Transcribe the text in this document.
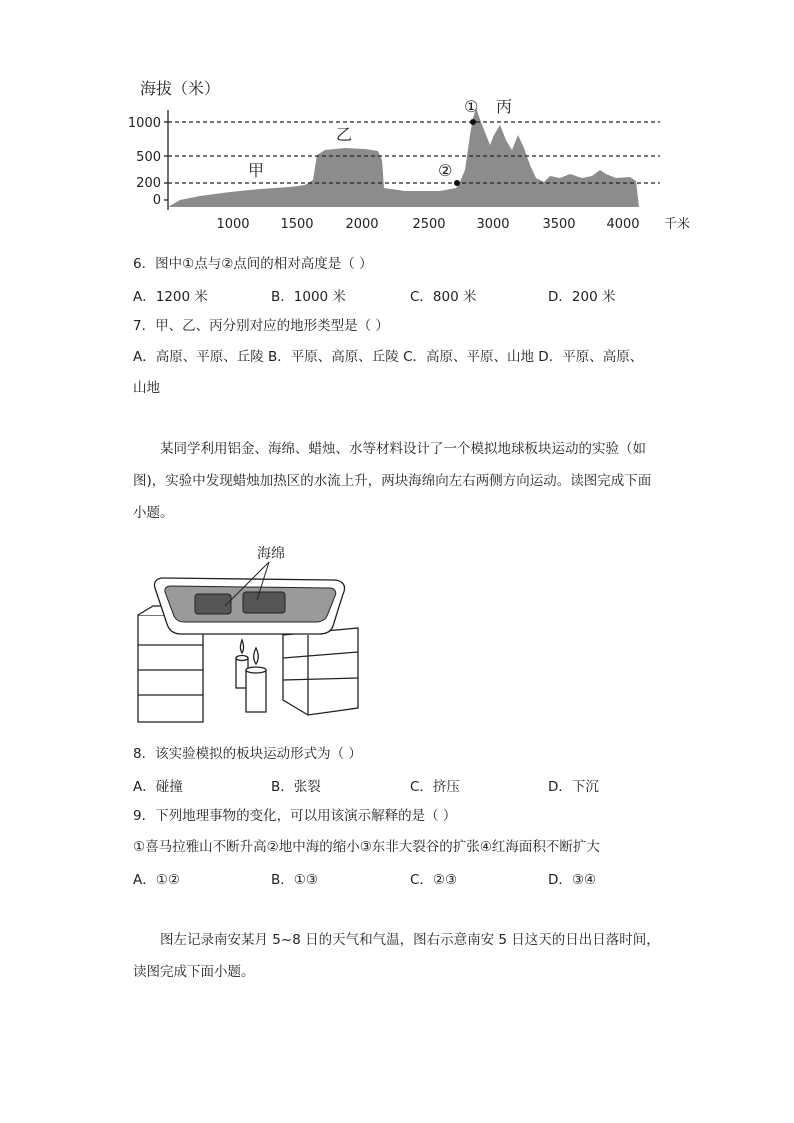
海拔（米）
1000
500
200
0
1000 1500 2000	2500 3000	3500 4000 千米
甲
乙
丙
①
②
6．图中①点与②点间的相对高度是（ ）
A．1200 米	B．1000 米	C．800 米	D．200 米
7．甲、乙、丙分别对应的地形类型是（ ）
A．高原、平原、丘陵 B．平原、高原、丘陵 C．高原、平原、山地 D．平原、高原、
山地
某同学利用铝金、海绵、蜡烛、水等材料设计了一个模拟地球板块运动的实验（如图)，实验中发现蜡烛加热区的水流上升，两块海绵向左右两侧方向运动。读图完成下面小题。
海绵
8．该实验模拟的板块运动形式为（ ）
A．碰撞	B．张裂	C．挤压	D．下沉
9．下列地理事物的变化，可以用该演示解释的是（ ）
①喜马拉雅山不断升高②地中海的缩小③东非大裂谷的扩张④红海面积不断扩大
A．①②	B．①③	C．②③	D．③④
图左记录南安某月 5~8 日的天气和气温，图右示意南安 5 日这天的日出日落时间，读图完成下面小题。
